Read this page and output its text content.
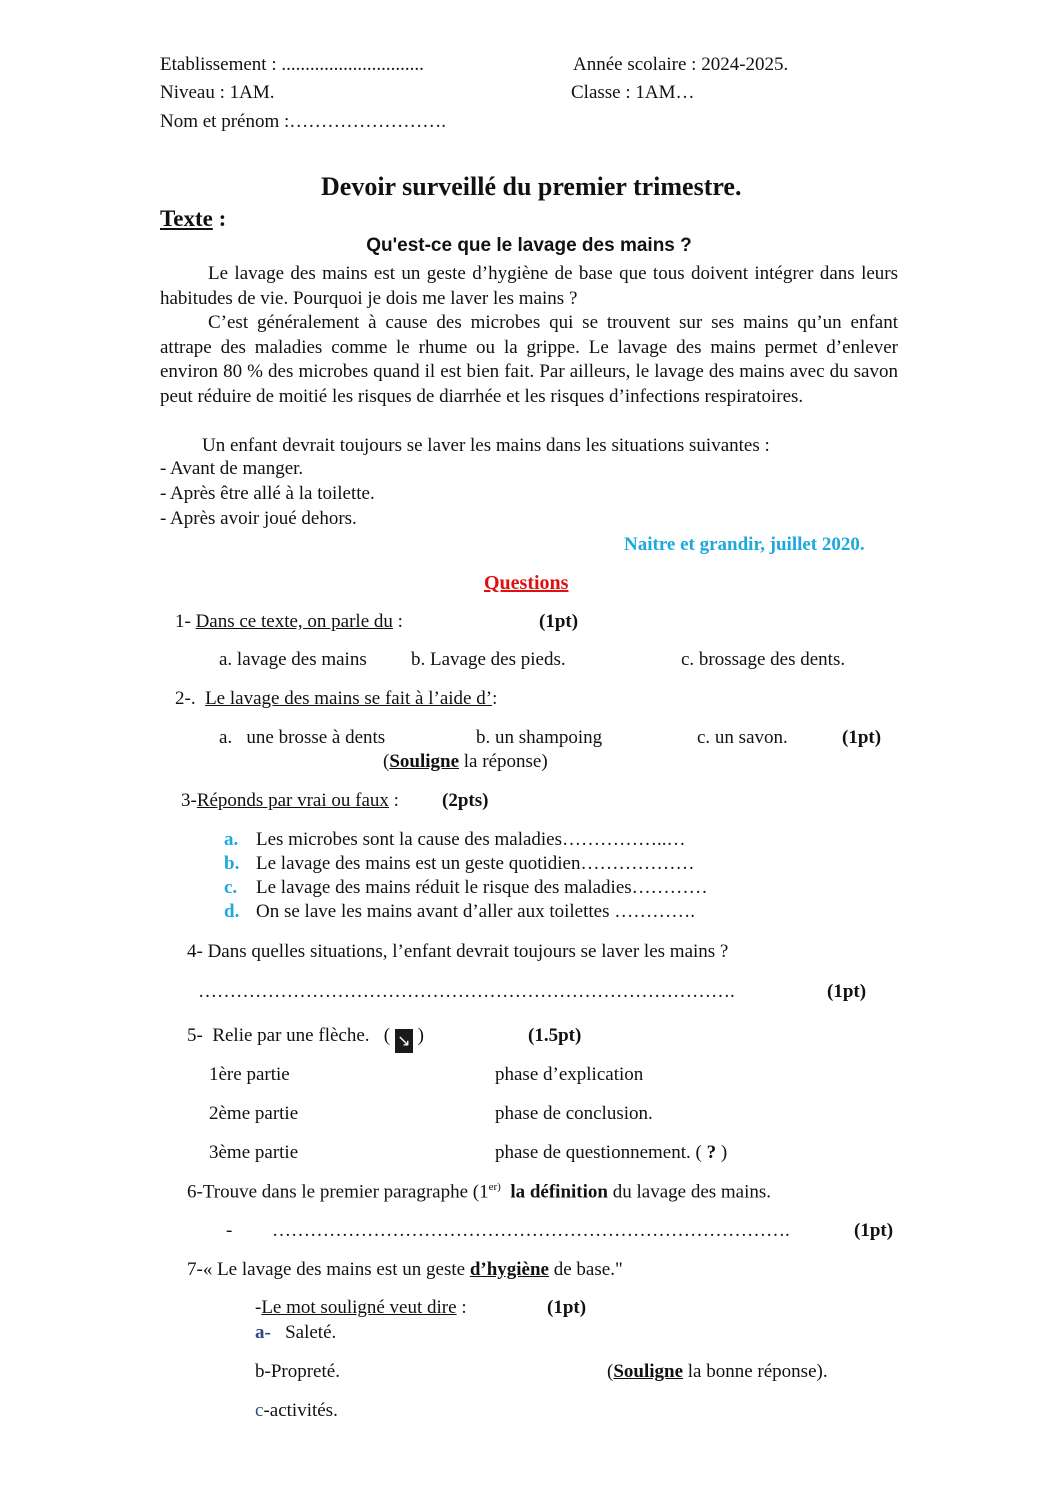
Etablissement : ..............................	Année scolaire : 2024-2025.
Niveau : 1AM.	Classe : 1AM…
Nom et prénom :…………………….
Devoir surveillé du premier trimestre.
Texte :
Qu'est-ce que le lavage des mains ?
Le lavage des mains est un geste d’hygiène de base que tous doivent intégrer dans leurs habitudes de vie. Pourquoi je dois me laver les mains ?
C’est généralement à cause des microbes qui se trouvent sur ses mains qu’un enfant attrape des maladies comme le rhume ou la grippe. Le lavage des mains permet d’enlever environ 80 % des microbes quand il est bien fait. Par ailleurs, le lavage des mains avec du savon peut réduire de moitié les risques de diarrhée et les risques d’infections respiratoires.
Un enfant devrait toujours se laver les mains dans les situations suivantes :
- Avant de manger.
- Après être allé à la toilette.
- Après avoir joué dehors.
Naitre et grandir, juillet 2020.
Questions
1- Dans ce texte, on parle du :	(1pt)
a. lavage des mains b. Lavage des pieds.	c. brossage des dents.
2-.  Le lavage des mains se fait à l’aide d’:
a.   une brosse à dents	b. un shampoing	c. un savon.	(1pt)
(Souligne la réponse)
3-Réponds par vrai ou faux : (2pts)
a. Les microbes sont la cause des maladies……………..…
b. Le lavage des mains est un geste quotidien………………
c. Le lavage des mains réduit le risque des maladies…………
d. On se lave les mains avant d’aller aux toilettes ………….
4- Dans quelles situations, l’enfant devrait toujours se laver les mains ?
………………………………………………………………………….	(1pt)
5-  Relie par une flèche. ( ↘ )	(1.5pt)
1ère partie	phase d’explication
2ème partie	phase de conclusion.
3ème partie	phase de questionnement. ( ? )
6-Trouve dans le premier paragraphe ($1^{er)}$ la définition du lavage des mains.
- ……………………………………………………………………….	(1pt)
7-« Le lavage des mains est un geste d’hygiène de base."
-Le mot souligné veut dire :	(1pt)
a- Saleté.
b-Propreté.	(Souligne la bonne réponse).
c-activités.
